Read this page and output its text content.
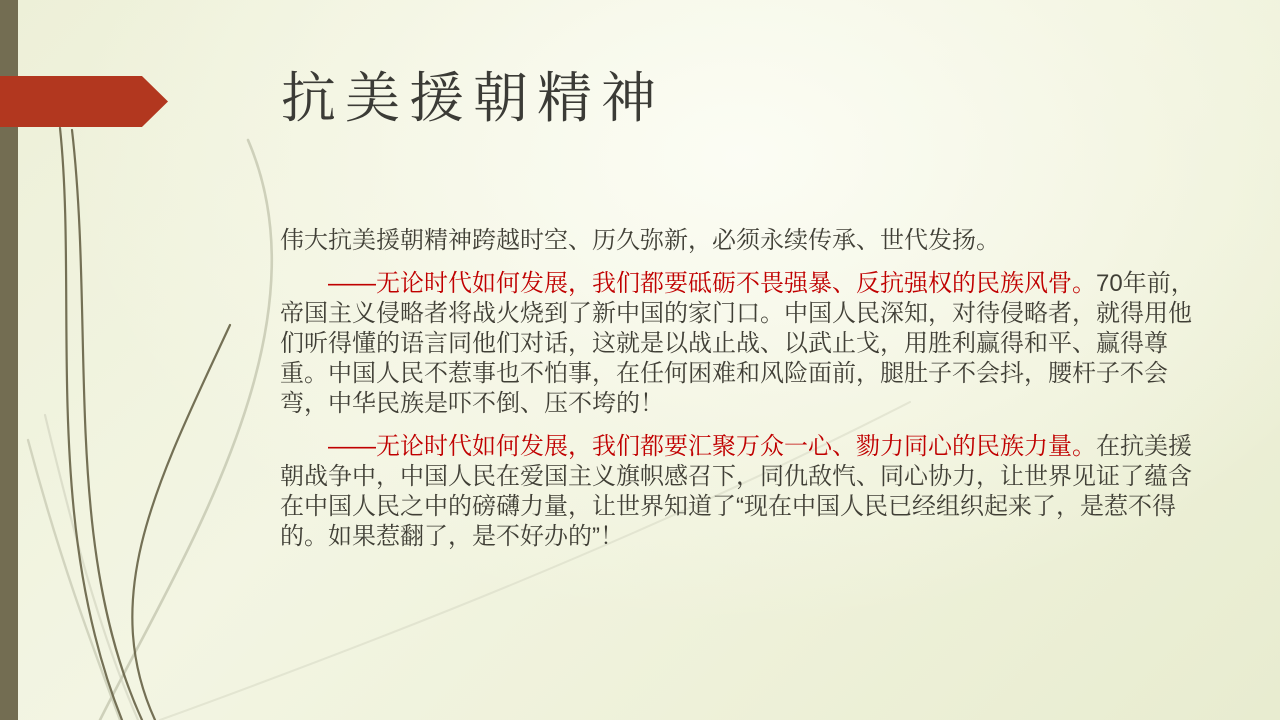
抗美援朝精神

伟大抗美援朝精神跨越时空、历久弥新，必须永续传承、世代发扬。

——无论时代如何发展，我们都要砥砺不畏强暴、反抗强权的民族风骨。70年前，帝国主义侵略者将战火烧到了新中国的家门口。中国人民深知，对待侵略者，就得用他们听得懂的语言同他们对话，这就是以战止战、以武止戈，用胜利赢得和平、赢得尊重。中国人民不惹事也不怕事，在任何困难和风险面前，腿肚子不会抖，腰杆子不会弯，中华民族是吓不倒、压不垮的！

——无论时代如何发展，我们都要汇聚万众一心、勠力同心的民族力量。在抗美援朝战争中，中国人民在爱国主义旗帜感召下，同仇敌忾、同心协力，让世界见证了蕴含在中国人民之中的磅礴力量，让世界知道了“现在中国人民已经组织起来了，是惹不得的。如果惹翻了，是不好办的”！
